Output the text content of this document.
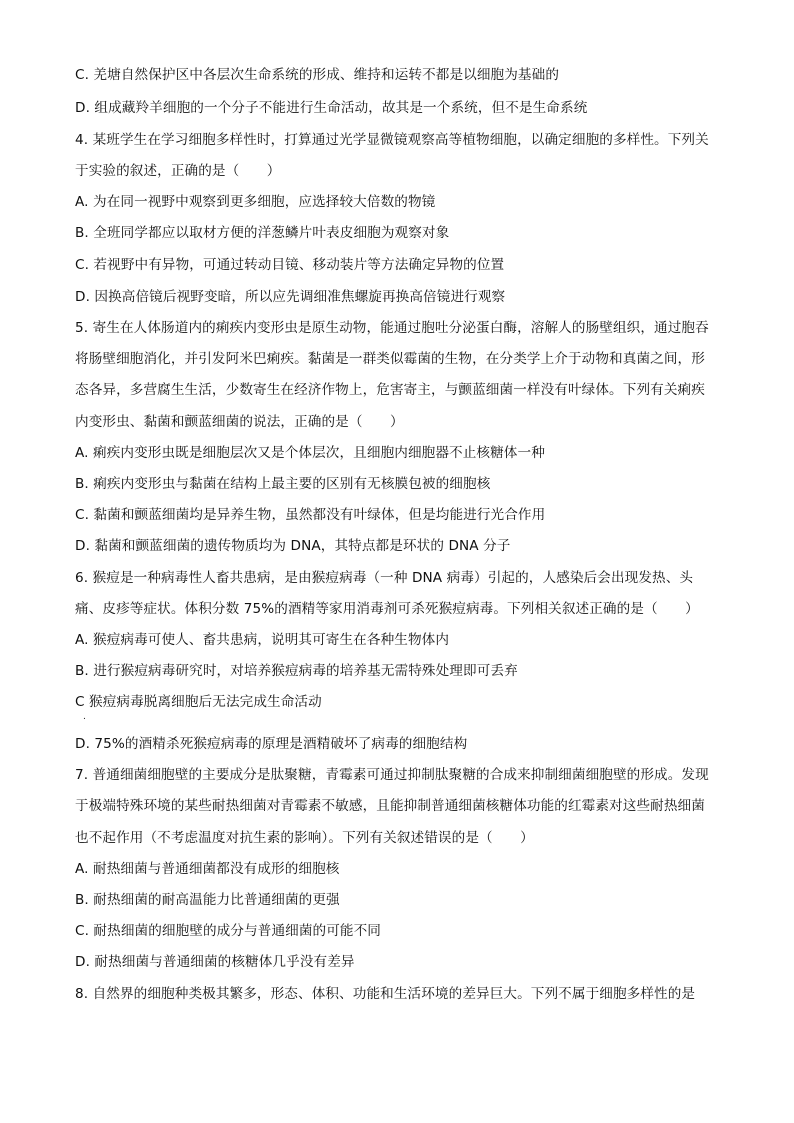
C. 羌塘自然保护区中各层次生命系统的形成、维持和运转不都是以细胞为基础的
D. 组成藏羚羊细胞的一个分子不能进行生命活动，故其是一个系统，但不是生命系统
4. 某班学生在学习细胞多样性时，打算通过光学显微镜观察高等植物细胞，以确定细胞的多样性。下列关
于实验的叙述，正确的是（　　）
A. 为在同一视野中观察到更多细胞，应选择较大倍数的物镜
B. 全班同学都应以取材方便的洋葱鳞片叶表皮细胞为观察对象
C. 若视野中有异物，可通过转动目镜、移动装片等方法确定异物的位置
D. 因换高倍镜后视野变暗，所以应先调细准焦螺旋再换高倍镜进行观察
5. 寄生在人体肠道内的痢疾内变形虫是原生动物，能通过胞吐分泌蛋白酶，溶解人的肠壁组织，通过胞吞
将肠壁细胞消化，并引发阿米巴痢疾。黏菌是一群类似霉菌的生物，在分类学上介于动物和真菌之间，形
态各异，多营腐生生活，少数寄生在经济作物上，危害寄主，与颤蓝细菌一样没有叶绿体。下列有关痢疾
内变形虫、黏菌和颤蓝细菌的说法，正确的是（　　）
A. 痢疾内变形虫既是细胞层次又是个体层次，且细胞内细胞器不止核糖体一种
B. 痢疾内变形虫与黏菌在结构上最主要的区别有无核膜包被的细胞核
C. 黏菌和颤蓝细菌均是异养生物，虽然都没有叶绿体，但是均能进行光合作用
D. 黏菌和颤蓝细菌的遗传物质均为 DNA，其特点都是环状的 DNA 分子
6. 猴痘是一种病毒性人畜共患病，是由猴痘病毒（一种 DNA 病毒）引起的，人感染后会出现发热、头
痛、皮疹等症状。体积分数 75%的酒精等家用消毒剂可杀死猴痘病毒。下列相关叙述正确的是（　　）
A. 猴痘病毒可使人、畜共患病，说明其可寄生在各种生物体内
B. 进行猴痘病毒研究时，对培养猴痘病毒的培养基无需特殊处理即可丢弃
C 猴痘病毒脱离细胞后无法完成生命活动
.
D. 75%的酒精杀死猴痘病毒的原理是酒精破坏了病毒的细胞结构
7. 普通细菌细胞壁的主要成分是肽聚糖，青霉素可通过抑制肽聚糖的合成来抑制细菌细胞壁的形成。发现
于极端特殊环境的某些耐热细菌对青霉素不敏感，且能抑制普通细菌核糖体功能的红霉素对这些耐热细菌
也不起作用（不考虑温度对抗生素的影响）。下列有关叙述错误的是（　　）
A. 耐热细菌与普通细菌都没有成形的细胞核
B. 耐热细菌的耐高温能力比普通细菌的更强
C. 耐热细菌的细胞壁的成分与普通细菌的可能不同
D. 耐热细菌与普通细菌的核糖体几乎没有差异
8. 自然界的细胞种类极其繁多，形态、体积、功能和生活环境的差异巨大。下列不属于细胞多样性的是
